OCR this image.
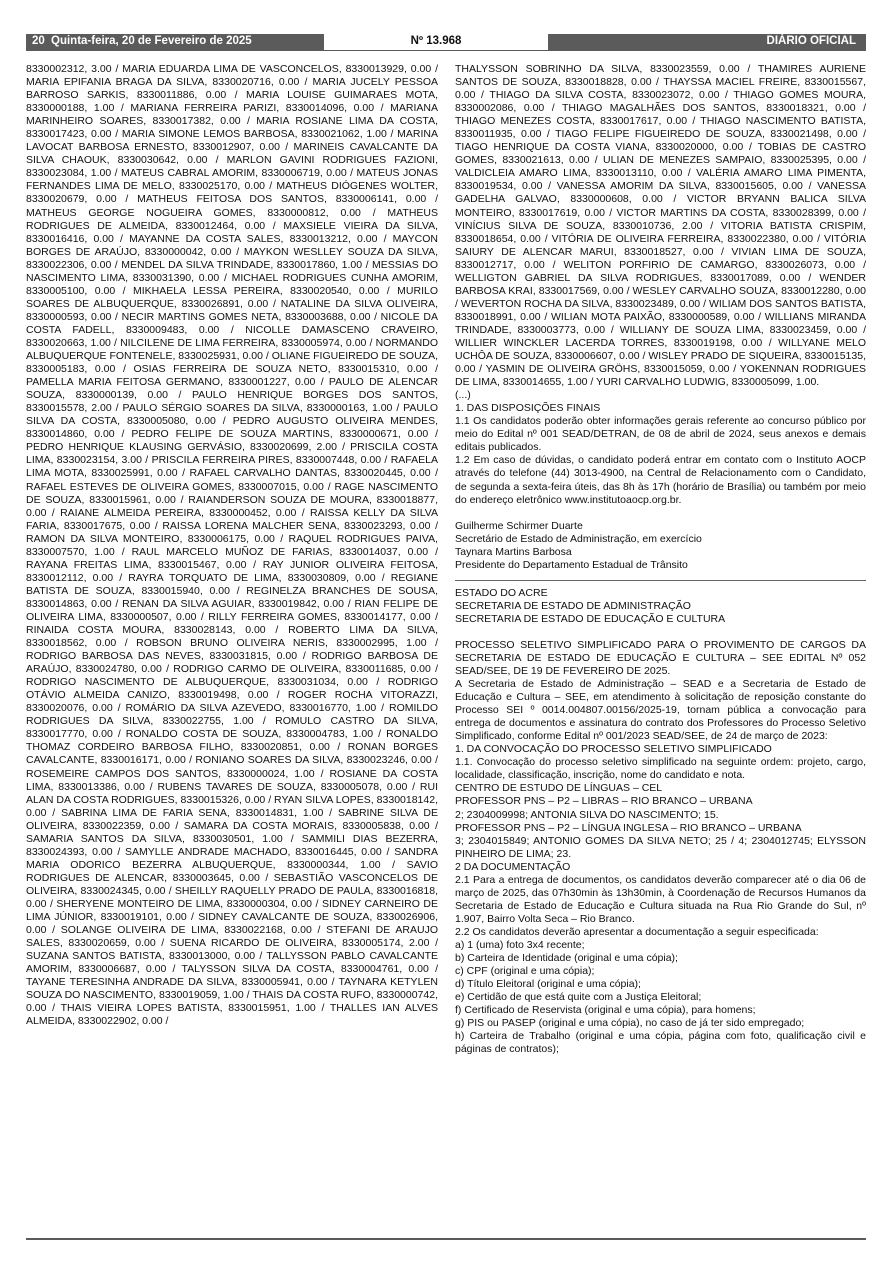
20 Quinta-feira, 20 de Fevereiro de 2025	Nº 13.968	DIÁRIO OFICIAL

8330002312, 3.00 / MARIA EDUARDA LIMA DE VASCONCELOS, 8330013929, 0.00 / MARIA EPIFANIA BRAGA DA SILVA, 8330020716, 0.00 / MARIA JUCELY PESSOA BARROSO SARKIS, 8330011886, 0.00 / MARIA LOUISE GUIMARAES MOTA, 8330000188, 1.00 / MARIANA FERREIRA PARIZI, 8330014096, 0.00 / MARIANA MARINHEIRO SOARES, 8330017382, 0.00 / MARIA ROSIANE LIMA DA COSTA, 8330017423, 0.00 / MARIA SIMONE LEMOS BARBOSA, 8330021062, 1.00 / MARINA LAVOCAT BARBOSA ERNESTO, 8330012907, 0.00 / MARINEIS CAVALCANTE DA SILVA CHAOUK, 8330030642, 0.00 / MARLON GAVINI RODRIGUES FAZIONI, 8330023084, 1.00 / MATEUS CABRAL AMORIM, 8330006719, 0.00 / MATEUS JONAS FERNANDES LIMA DE MELO, 8330025170, 0.00 / MATHEUS DIÓGENES WOLTER, 8330020679, 0.00 / MATHEUS FEITOSA DOS SANTOS, 8330006141, 0.00 / MATHEUS GEORGE NOGUEIRA GOMES, 8330000812, 0.00 / MATHEUS RODRIGUES DE ALMEIDA, 8330012464, 0.00 / MAXSIELE VIEIRA DA SILVA, 8330016416, 0.00 / MAYANNE DA COSTA SALES, 8330013212, 0.00 / MAYCON BORGES DE ARAÚJO, 8330000042, 0.00 / MAYKON WESLLEY SOUZA DA SILVA, 8330022306, 0.00 / MENDEL DA SILVA TRINDADE, 8330017860, 1.00 / MESSIAS DO NASCIMENTO LIMA, 8330031390, 0.00 / MICHAEL RODRIGUES CUNHA AMORIM, 8330005100, 0.00 / MIKHAELA LESSA PEREIRA, 8330020540, 0.00 / MURILO SOARES DE ALBUQUERQUE, 8330026891, 0.00 / NATALINE DA SILVA OLIVEIRA, 8330000593, 0.00 / NECIR MARTINS GOMES NETA, 8330003688, 0.00 / NICOLE DA COSTA FADELL, 8330009483, 0.00 / NICOLLE DAMASCENO CRAVEIRO, 8330020663, 1.00 / NILCILENE DE LIMA FERREIRA, 8330005974, 0.00 / NORMANDO ALBUQUERQUE FONTENELE, 8330025931, 0.00 / OLIANE FIGUEIREDO DE SOUZA, 8330005183, 0.00 / OSIAS FERREIRA DE SOUZA NETO, 8330015310, 0.00 / PAMELLA MARIA FEITOSA GERMANO, 8330001227, 0.00 / PAULO DE ALENCAR SOUZA, 8330000139, 0.00 / PAULO HENRIQUE BORGES DOS SANTOS, 8330015578, 2.00 / PAULO SÉRGIO SOARES DA SILVA, 8330000163, 1.00 / PAULO SILVA DA COSTA, 8330005080, 0.00 / PEDRO AUGUSTO OLIVEIRA MENDES, 8330014860, 0.00 / PEDRO FELIPE DE SOUZA MARTINS, 8330000671, 0.00 / PEDRO HENRIQUE KLAUSING GERVÁSIO, 8330020699, 2.00 / PRISCILA COSTA LIMA, 8330023154, 3.00 / PRISCILA FERREIRA PIRES, 8330007448, 0.00 / RAFAELA LIMA MOTA, 8330025991, 0.00 / RAFAEL CARVALHO DANTAS, 8330020445, 0.00 / RAFAEL ESTEVES DE OLIVEIRA GOMES, 8330007015, 0.00 / RAGE NASCIMENTO DE SOUZA, 8330015961, 0.00 / RAIANDERSON SOUZA DE MOURA, 8330018877, 0.00 / RAIANE ALMEIDA PEREIRA, 8330000452, 0.00 / RAISSA KELLY DA SILVA FARIA, 8330017675, 0.00 / RAISSA LORENA MALCHER SENA, 8330023293, 0.00 / RAMON DA SILVA MONTEIRO, 8330006175, 0.00 / RAQUEL RODRIGUES PAIVA, 8330007570, 1.00 / RAUL MARCELO MUÑOZ DE FARIAS, 8330014037, 0.00 / RAYANA FREITAS LIMA, 8330015467, 0.00 / RAY JUNIOR OLIVEIRA FEITOSA, 8330012112, 0.00 / RAYRA TORQUATO DE LIMA, 8330030809, 0.00 / REGIANE BATISTA DE SOUZA, 8330015940, 0.00 / REGINELZA BRANCHES DE SOUSA, 8330014863, 0.00 / RENAN DA SILVA AGUIAR, 8330019842, 0.00 / RIAN FELIPE DE OLIVEIRA LIMA, 8330000507, 0.00 / RILLY FERREIRA GOMES, 8330014177, 0.00 / RINAIDA COSTA MOURA, 8330028143, 0.00 / ROBERTO LIMA DA SILVA, 8330018562, 0.00 / ROBSON BRUNO OLIVEIRA NERIS, 8330002995, 1.00 / RODRIGO BARBOSA DAS NEVES, 8330031815, 0.00 / RODRIGO BARBOSA DE ARAÚJO, 8330024780, 0.00 / RODRIGO CARMO DE OLIVEIRA, 8330011685, 0.00 / RODRIGO NASCIMENTO DE ALBUQUERQUE, 8330031034, 0.00 / RODRIGO OTÁVIO ALMEIDA CANIZO, 8330019498, 0.00 / ROGER ROCHA VITORAZZI, 8330020076, 0.00 / ROMÁRIO DA SILVA AZEVEDO, 8330016770, 1.00 / ROMILDO RODRIGUES DA SILVA, 8330022755, 1.00 / ROMULO CASTRO DA SILVA, 8330017770, 0.00 / RONALDO COSTA DE SOUZA, 8330004783, 1.00 / RONALDO THOMAZ CORDEIRO BARBOSA FILHO, 8330020851, 0.00 / RONAN BORGES CAVALCANTE, 8330016171, 0.00 / RONIANO SOARES DA SILVA, 8330023246, 0.00 / ROSEMEIRE CAMPOS DOS SANTOS, 8330000024, 1.00 / ROSIANE DA COSTA LIMA, 8330013386, 0.00 / RUBENS TAVARES DE SOUZA, 8330005078, 0.00 / RUI ALAN DA COSTA RODRIGUES, 8330015326, 0.00 / RYAN SILVA LOPES, 8330018142, 0.00 / SABRINA LIMA DE FARIA SENA, 8330014831, 1.00 / SABRINE SILVA DE OLIVEIRA, 8330022359, 0.00 / SAMARA DA COSTA MORAIS, 8330005838, 0.00 / SAMARIA SANTOS DA SILVA, 8330030501, 1.00 / SAMMILI DIAS BEZERRA, 8330024393, 0.00 / SAMYLLE ANDRADE MACHADO, 8330016445, 0.00 / SANDRA MARIA ODORICO BEZERRA ALBUQUERQUE, 8330000344, 1.00 / SAVIO RODRIGUES DE ALENCAR, 8330003645, 0.00 / SEBASTIÃO VASCONCELOS DE OLIVEIRA, 8330024345, 0.00 / SHEILLY RAQUELLY PRADO DE PAULA, 8330016818, 0.00 / SHERYENE MONTEIRO DE LIMA, 8330000304, 0.00 / SIDNEY CARNEIRO DE LIMA JÚNIOR, 8330019101, 0.00 / SIDNEY CAVALCANTE DE SOUZA, 8330026906, 0.00 / SOLANGE OLIVEIRA DE LIMA, 8330022168, 0.00 / STEFANI DE ARAUJO SALES, 8330020659, 0.00 / SUENA RICARDO DE OLIVEIRA, 8330005174, 2.00 / SUZANA SANTOS BATISTA, 8330013000, 0.00 / TALLYSSON PABLO CAVALCANTE AMORIM, 8330006687, 0.00 / TALYSSON SILVA DA COSTA, 8330004761, 0.00 / TAYANE TERESINHA ANDRADE DA SILVA, 8330005941, 0.00 / TAYNARA KETYLEN SOUZA DO NASCIMENTO, 8330019059, 1.00 / THAIS DA COSTA RUFO, 8330000742, 0.00 / THAIS VIEIRA LOPES BATISTA, 8330015951, 1.00 / THALLES IAN ALVES ALMEIDA, 8330022902, 0.00 /

THALYSSON SOBRINHO DA SILVA, 8330023559, 0.00 / THAMIRES AURIENE SANTOS DE SOUZA, 8330018828, 0.00 / THAYSSA MACIEL FREIRE, 8330015567, 0.00 / THIAGO DA SILVA COSTA, 8330023072, 0.00 / THIAGO GOMES MOURA, 8330002086, 0.00 / THIAGO MAGALHÃES DOS SANTOS, 8330018321, 0.00 / THIAGO MENEZES COSTA, 8330017617, 0.00 / THIAGO NASCIMENTO BATISTA, 8330011935, 0.00 / TIAGO FELIPE FIGUEIREDO DE SOUZA, 8330021498, 0.00 / TIAGO HENRIQUE DA COSTA VIANA, 8330020000, 0.00 / TOBIAS DE CASTRO GOMES, 8330021613, 0.00 / ULIAN DE MENEZES SAMPAIO, 8330025395, 0.00 / VALDICLEIA AMARO LIMA, 8330013110, 0.00 / VALÉRIA AMARO LIMA PIMENTA, 8330019534, 0.00 / VANESSA AMORIM DA SILVA, 8330015605, 0.00 / VANESSA GADELHA GALVAO, 8330000608, 0.00 / VICTOR BRYANN BALICA SILVA MONTEIRO, 8330017619, 0.00 / VICTOR MARTINS DA COSTA, 8330028399, 0.00 / VINÍCIUS SILVA DE SOUZA, 8330010736, 2.00 / VITORIA BATISTA CRISPIM, 8330018654, 0.00 / VITÓRIA DE OLIVEIRA FERREIRA, 8330022380, 0.00 / VITÓRIA SAIURY DE ALENCAR MARUI, 8330018527, 0.00 / VIVIAN LIMA DE SOUZA, 8330012717, 0.00 / WELITON PORFIRIO DE CAMARGO, 8330026073, 0.00 / WELLIGTON GABRIEL DA SILVA RODRIGUES, 8330017089, 0.00 / WENDER BARBOSA KRAI, 8330017569, 0.00 / WESLEY CARVALHO SOUZA, 8330012280, 0.00 / WEVERTON ROCHA DA SILVA, 8330023489, 0.00 / WILIAM DOS SANTOS BATISTA, 8330018991, 0.00 / WILIAN MOTA PAIXÃO, 8330000589, 0.00 / WILLIANS MIRANDA TRINDADE, 8330003773, 0.00 / WILLIANY DE SOUZA LIMA, 8330023459, 0.00 / WILLIER WINCKLER LACERDA TORRES, 8330019198, 0.00 / WILLYANE MELO UCHÔA DE SOUZA, 8330006607, 0.00 / WISLEY PRADO DE SIQUEIRA, 8330015135, 0.00 / YASMIN DE OLIVEIRA GRÖHS, 8330015059, 0.00 / YOKENNAN RODRIGUES DE LIMA, 8330014655, 1.00 / YURI CARVALHO LUDWIG, 8330005099, 1.00.

(...)

1. DAS DISPOSIÇÕES FINAIS

1.1 Os candidatos poderão obter informações gerais referente ao concurso público por meio do Edital nº 001 SEAD/DETRAN, de 08 de abril de 2024, seus anexos e demais editais publicados.

1.2 Em caso de dúvidas, o candidato poderá entrar em contato com o Instituto AOCP através do telefone (44) 3013-4900, na Central de Relacionamento com o Candidato, de segunda a sexta-feira úteis, das 8h às 17h (horário de Brasília) ou também por meio do endereço eletrônico www.institutoaocp.org.br.

Guilherme Schirmer Duarte

Secretário de Estado de Administração, em exercício

Taynara Martins Barbosa

Presidente do Departamento Estadual de Trânsito

ESTADO DO ACRE

SECRETARIA DE ESTADO DE ADMINISTRAÇÃO

SECRETARIA DE ESTADO DE EDUCAÇÃO E CULTURA

PROCESSO SELETIVO SIMPLIFICADO PARA O PROVIMENTO DE CARGOS DA SECRETARIA DE ESTADO DE EDUCAÇÃO E CULTURA – SEE EDITAL Nº 052 SEAD/SEE, DE 19 DE FEVEREIRO DE 2025.

A Secretaria de Estado de Administração – SEAD e a Secretaria de Estado de Educação e Cultura – SEE, em atendimento à solicitação de reposição constante do Processo SEI º 0014.004807.00156/2025-19, tornam pública a convocação para entrega de documentos e assinatura do contrato dos Professores do Processo Seletivo Simplificado, conforme Edital nº 001/2023 SEAD/SEE, de 24 de março de 2023:

1. DA CONVOCAÇÃO DO PROCESSO SELETIVO SIMPLIFICADO

1.1. Convocação do processo seletivo simplificado na seguinte ordem: projeto, cargo, localidade, classificação, inscrição, nome do candidato e nota.

CENTRO DE ESTUDO DE LÍNGUAS – CEL

PROFESSOR PNS – P2 – LIBRAS – RIO BRANCO – URBANA

2; 2304009998; ANTONIA SILVA DO NASCIMENTO; 15.

PROFESSOR PNS – P2 – LÍNGUA INGLESA – RIO BRANCO – URBANA

3; 2304015849; ANTONIO GOMES DA SILVA NETO; 25 / 4; 2304012745; ELYSSON PINHEIRO DE LIMA; 23.

2 DA DOCUMENTAÇÃO

2.1 Para a entrega de documentos, os candidatos deverão comparecer até o dia 06 de março de 2025, das 07h30min às 13h30min, à Coordenação de Recursos Humanos da Secretaria de Estado de Educação e Cultura situada na Rua Rio Grande do Sul, nº 1.907, Bairro Volta Seca – Rio Branco.

2.2 Os candidatos deverão apresentar a documentação a seguir especificada:

a) 1 (uma) foto 3x4 recente;

b) Carteira de Identidade (original e uma cópia);

c) CPF (original e uma cópia);

d) Título Eleitoral (original e uma cópia);

e) Certidão de que está quite com a Justiça Eleitoral;

f) Certificado de Reservista (original e uma cópia), para homens;

g) PIS ou PASEP (original e uma cópia), no caso de já ter sido empregado;

h) Carteira de Trabalho (original e uma cópia, página com foto, qualificação civil e páginas de contratos);
